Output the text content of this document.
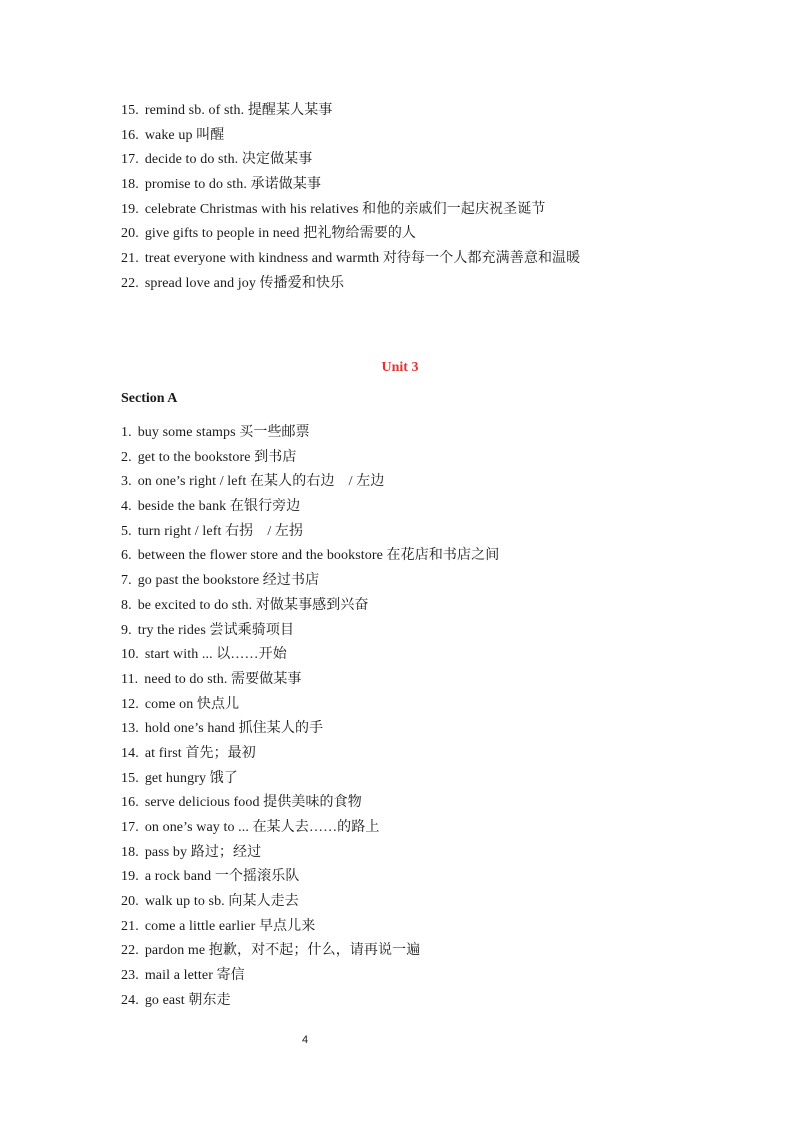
15. remind sb. of sth. 提醒某人某事
16. wake up 叫醒
17. decide to do sth. 决定做某事
18. promise to do sth. 承诺做某事
19. celebrate Christmas with his relatives 和他的亲戚们一起庆祝圣诞节
20. give gifts to people in need 把礼物给需要的人
21. treat everyone with kindness and warmth 对待每一个人都充满善意和温暖
22. spread love and joy 传播爱和快乐
Unit 3
Section A
1. buy some stamps 买一些邮票
2. get to the bookstore 到书店
3. on one’s right / left 在某人的右边　/ 左边
4. beside the bank 在银行旁边
5. turn right / left 右拐　/ 左拐
6. between the flower store and the bookstore 在花店和书店之间
7. go past the bookstore 经过书店
8. be excited to do sth. 对做某事感到兴奋
9. try the rides 尝试乘骑项目
10. start with ... 以……开始
11. need to do sth. 需要做某事
12. come on 快点儿
13. hold one’s hand 抓住某人的手
14. at first 首先；最初
15. get hungry 饿了
16. serve delicious food 提供美味的食物
17. on one’s way to ... 在某人去……的路上
18. pass by 路过；经过
19. a rock band 一个摇滚乐队
20. walk up to sb. 向某人走去
21. come a little earlier 早点儿来
22. pardon me 抱歉，对不起；什么，请再说一遍
23. mail a letter 寄信
24. go east 朝东走
4
